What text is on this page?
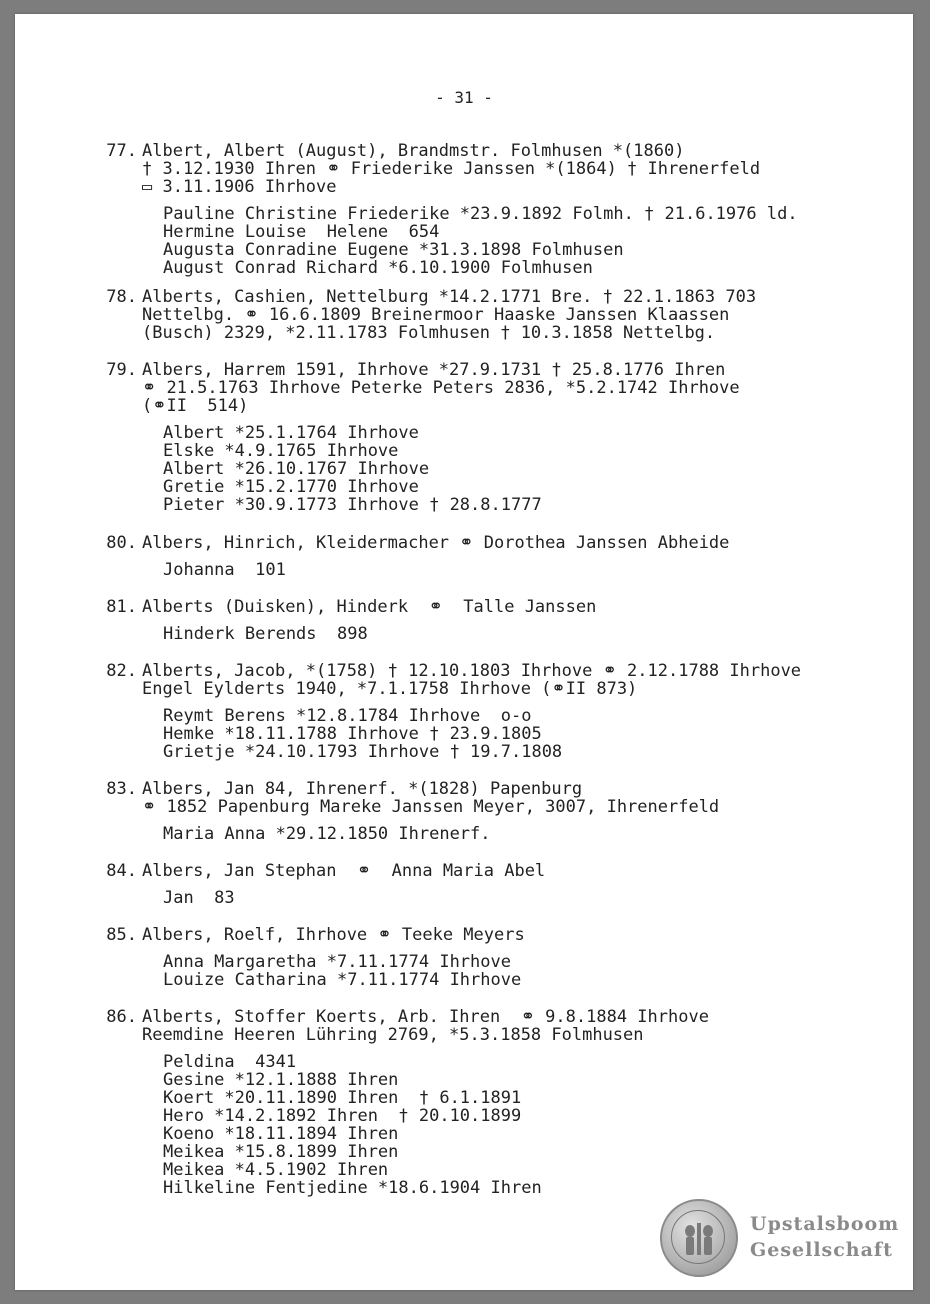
- 31 -
77. Albert, Albert (August), Brandmstr. Folmhusen *(1860)
† 3.12.1930 Ihren ⚭ Friederike Janssen *(1864) † Ihrenerfeld
▭ 3.11.1906 Ihrhove
Pauline Christine Friederike *23.9.1892 Folmh. † 21.6.1976 ld.
Hermine Louise  Helene  654
Augusta Conradine Eugene *31.3.1898 Folmhusen
August Conrad Richard *6.10.1900 Folmhusen
78. Alberts, Cashien, Nettelburg *14.2.1771 Bre. † 22.1.1863 703
Nettelbg. ⚭ 16.6.1809 Breinermoor Haaske Janssen Klaassen
(Busch) 2329, *2.11.1783 Folmhusen † 10.3.1858 Nettelbg.
79. Albers, Harrem 1591, Ihrhove *27.9.1731 † 25.8.1776 Ihren
⚭ 21.5.1763 Ihrhove Peterke Peters 2836, *5.2.1742 Ihrhove
(⚭II  514)
Albert *25.1.1764 Ihrhove
Elske *4.9.1765 Ihrhove
Albert *26.10.1767 Ihrhove
Gretie *15.2.1770 Ihrhove
Pieter *30.9.1773 Ihrhove † 28.8.1777
80. Albers, Hinrich, Kleidermacher ⚭ Dorothea Janssen Abheide
Johanna  101
81. Alberts (Duisken), Hinderk  ⚭  Talle Janssen
Hinderk Berends  898
82. Alberts, Jacob, *(1758) † 12.10.1803 Ihrhove ⚭ 2.12.1788 Ihrhove
Engel Eylderts 1940, *7.1.1758 Ihrhove (⚭II 873)
Reymt Berens *12.8.1784 Ihrhove  o-o
Hemke *18.11.1788 Ihrhove † 23.9.1805
Grietje *24.10.1793 Ihrhove † 19.7.1808
83. Albers, Jan 84, Ihrenerf. *(1828) Papenburg
⚭ 1852 Papenburg Mareke Janssen Meyer, 3007, Ihrenerfeld
Maria Anna *29.12.1850 Ihrenerf.
84. Albers, Jan Stephan  ⚭  Anna Maria Abel
Jan  83
85. Albers, Roelf, Ihrhove ⚭ Teeke Meyers
Anna Margaretha *7.11.1774 Ihrhove
Louize Catharina *7.11.1774 Ihrhove
86. Alberts, Stoffer Koerts, Arb. Ihren  ⚭ 9.8.1884 Ihrhove
Reemdine Heeren Lühring 2769, *5.3.1858 Folmhusen
Peldina  4341
Gesine *12.1.1888 Ihren
Koert *20.11.1890 Ihren  † 6.1.1891
Hero *14.2.1892 Ihren  † 20.10.1899
Koeno *18.11.1894 Ihren
Meikea *15.8.1899 Ihren
Meikea *4.5.1902 Ihren
Hilkeline Fentjedine *18.6.1904 Ihren
Upstalsboom
Gesellschaft
